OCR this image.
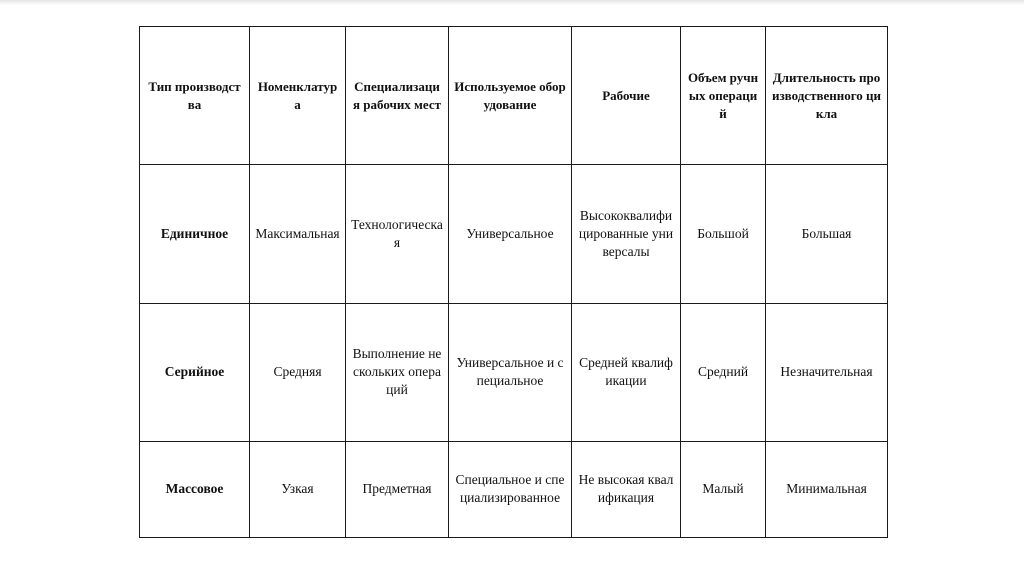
Тип производства	Номенклатура	Специализация рабочих мест	Используемое оборудование	Рабочие	Объем ручных операций	Длительность производственного цикла
Единичное	Максимальная	Технологическая	Универсальное	Высококвалифицированные универсалы	Большой	Большая
Серийное	Средняя	Выполнение нескольких операций	Универсальное и специальное	Средней квалификации	Средний	Незначительная
Массовое	Узкая	Предметная	Специальное и специализированное	Не высокая квалификация	Малый	Минимальная
